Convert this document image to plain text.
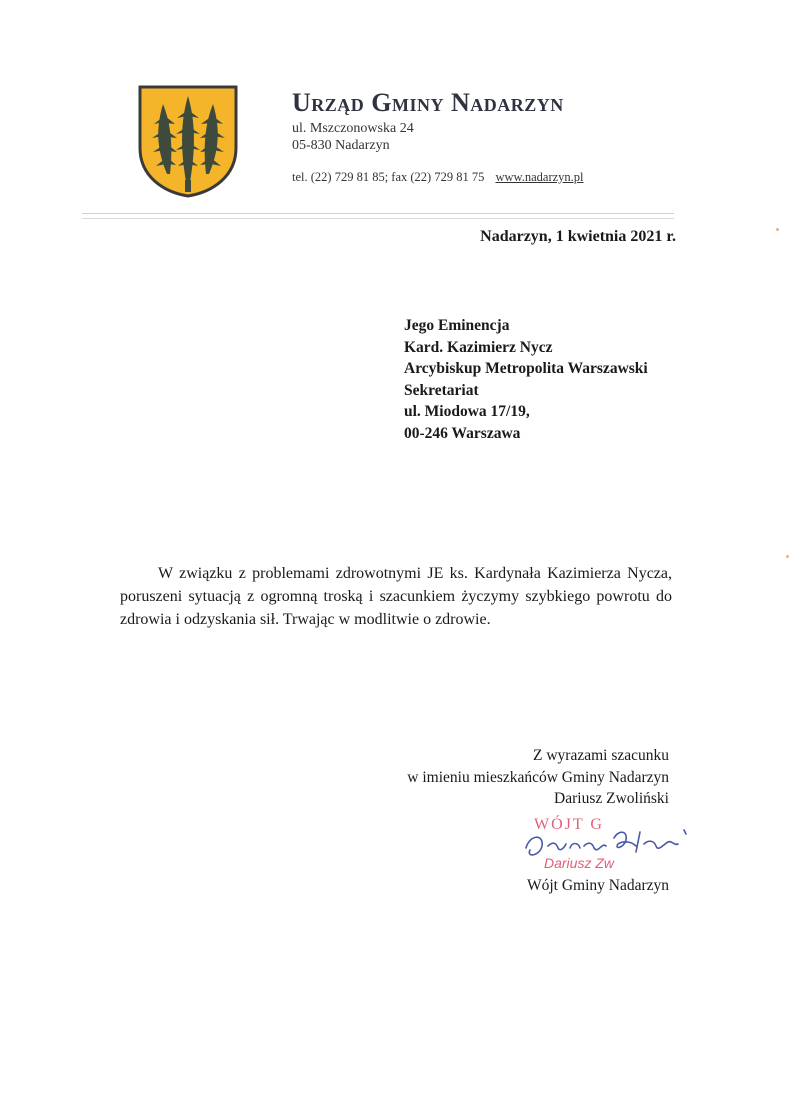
Urząd Gminy Nadarzyn
ul. Mszczonowska 24
05-830 Nadarzyn
tel. (22) 729 81 85; fax (22) 729 81 75 www.nadarzyn.pl
Nadarzyn, 1 kwietnia 2021 r.
Jego Eminencja
Kard. Kazimierz Nycz
Arcybiskup Metropolita Warszawski
Sekretariat
ul. Miodowa 17/19,
00-246 Warszawa

W związku z problemami zdrowotnymi JE ks. Kardynała Kazimierza Nycza, poruszeni sytuacją z ogromną troską i szacunkiem życzymy szybkiego powrotu do zdrowia i odzyskania sił. Trwając w modlitwie o zdrowie.

Z wyrazami szacunku
w imieniu mieszkańców Gminy Nadarzyn
Dariusz Zwoliński
WÓJT G
Dariusz Zw
Wójt Gminy Nadarzyn
